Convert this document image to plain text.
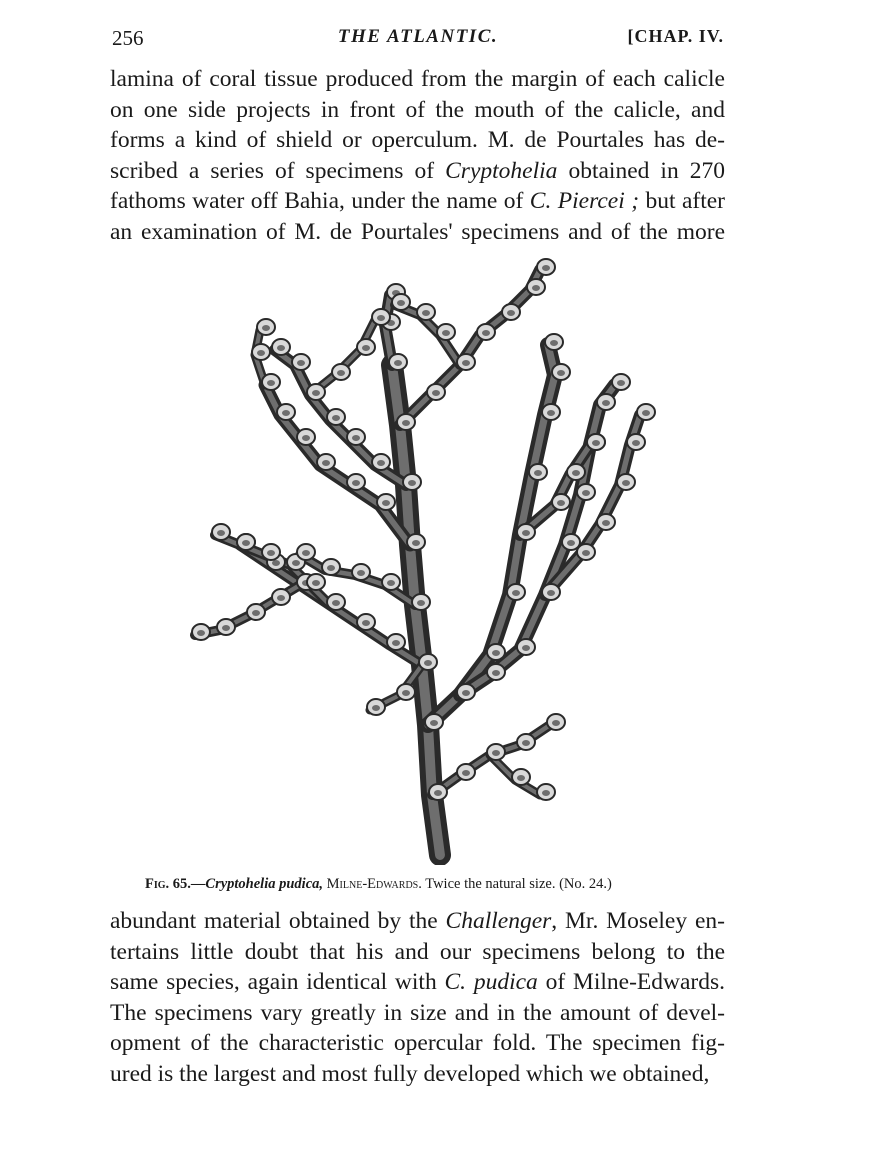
256	THE ATLANTIC.	[CHAP. IV.
lamina of coral tissue produced from the margin of each calicle
on one side projects in front of the mouth of the calicle, and
forms a kind of shield or operculum. M. de Pourtales has de-
scribed a series of specimens of Cryptohelia obtained in 270
fathoms water off Bahia, under the name of C. Piercei ; but after
an examination of M. de Pourtales' specimens and of the more
Fig. 65.—Cryptohelia pudica, Milne-Edwards. Twice the natural size. (No. 24.)
abundant material obtained by the Challenger, Mr. Moseley en-
tertains little doubt that his and our specimens belong to the
same species, again identical with C. pudica of Milne-Edwards.
The specimens vary greatly in size and in the amount of devel-
opment of the characteristic opercular fold. The specimen fig-
ured is the largest and most fully developed which we obtained,
